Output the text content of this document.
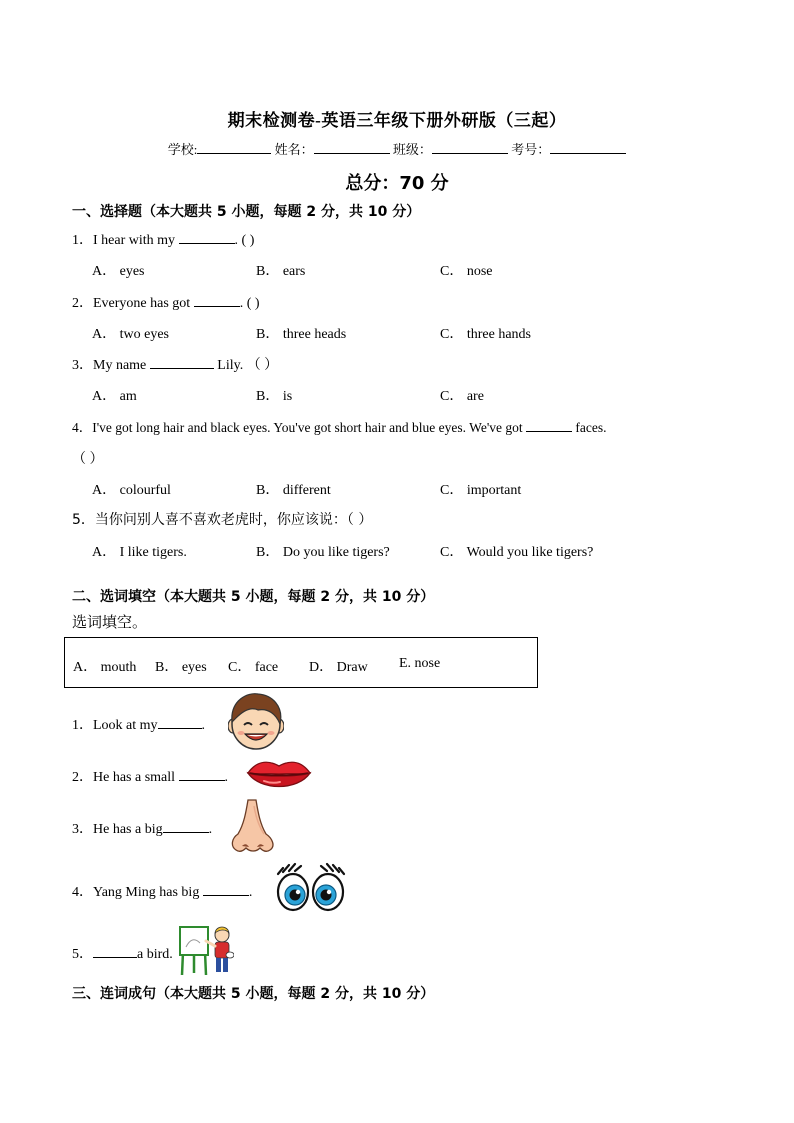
期末检测卷-英语三年级下册外研版（三起）
学校:	姓名：	班级：	考号：
总分：70 分
一、选择题（本大题共 5 小题，每题 2 分，共 10 分）
1．I hear with my	. ( )
A． eyes	B． ears	C． nose
2．Everyone has got	. ( )
A． two eyes	B． three heads	C． three hands
3．My name	Lily. （ ）
A． am	B． is	C． are
4．I've got long hair and black eyes. You've got short hair and blue eyes. We've got	faces.
（ ）
A． colourful	B． different	C． important
5．当你问别人喜不喜欢老虎时，你应该说：（ ）
A． I like tigers.	B． Do you like tigers?	C． Would you like tigers?
二、选词填空（本大题共 5 小题，每题 2 分，共 10 分）
选词填空。
A． mouth B． eyes C． face D． Draw E. nose
1．Look at my	.
2．He has a small	.
3．He has a big	.
4．Yang Ming has big	.
5．	a bird.
三、连词成句（本大题共 5 小题，每题 2 分，共 10 分）
